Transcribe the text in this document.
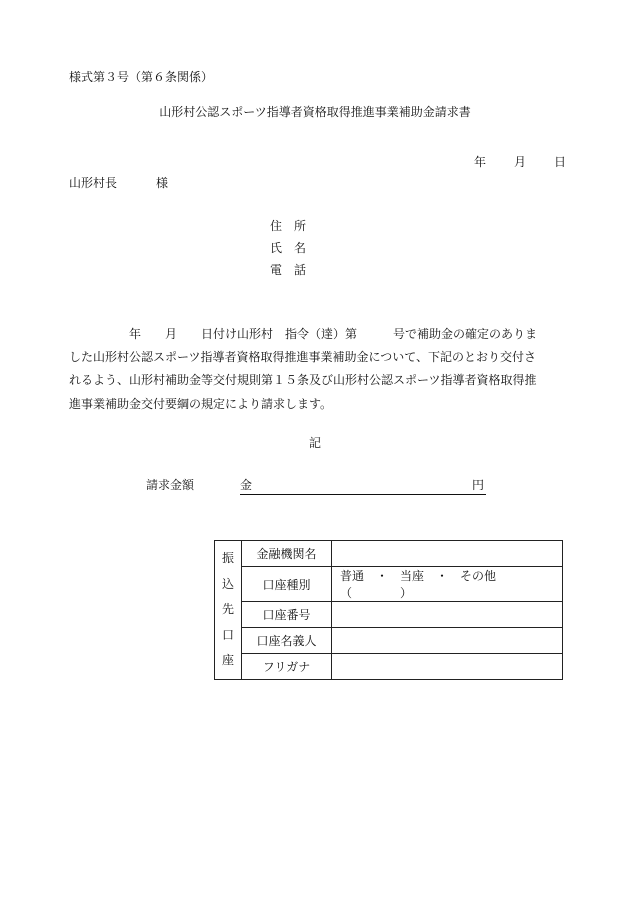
様式第３号（第６条関係）
山形村公認スポーツ指導者資格取得推進事業補助金請求書
年 月 日
山形村長	様
住　所
氏　名
電　話
　　　　　年　　月　　日付け山形村　指令（達）第　　　号で補助金の確定のありま
した山形村公認スポーツ指導者資格取得推進事業補助金について、下記のとおり交付さ
れるよう、山形村補助金等交付規則第１５条及び山形村公認スポーツ指導者資格取得推
進事業補助金交付要綱の規定により請求します。
記
請求金額	金	円
振
込
先
口
座	金融機関名	
	口座種別	普通　・　当座　・　その他（　　　　）
	口座番号	
	口座名義人	
	フリガナ	
